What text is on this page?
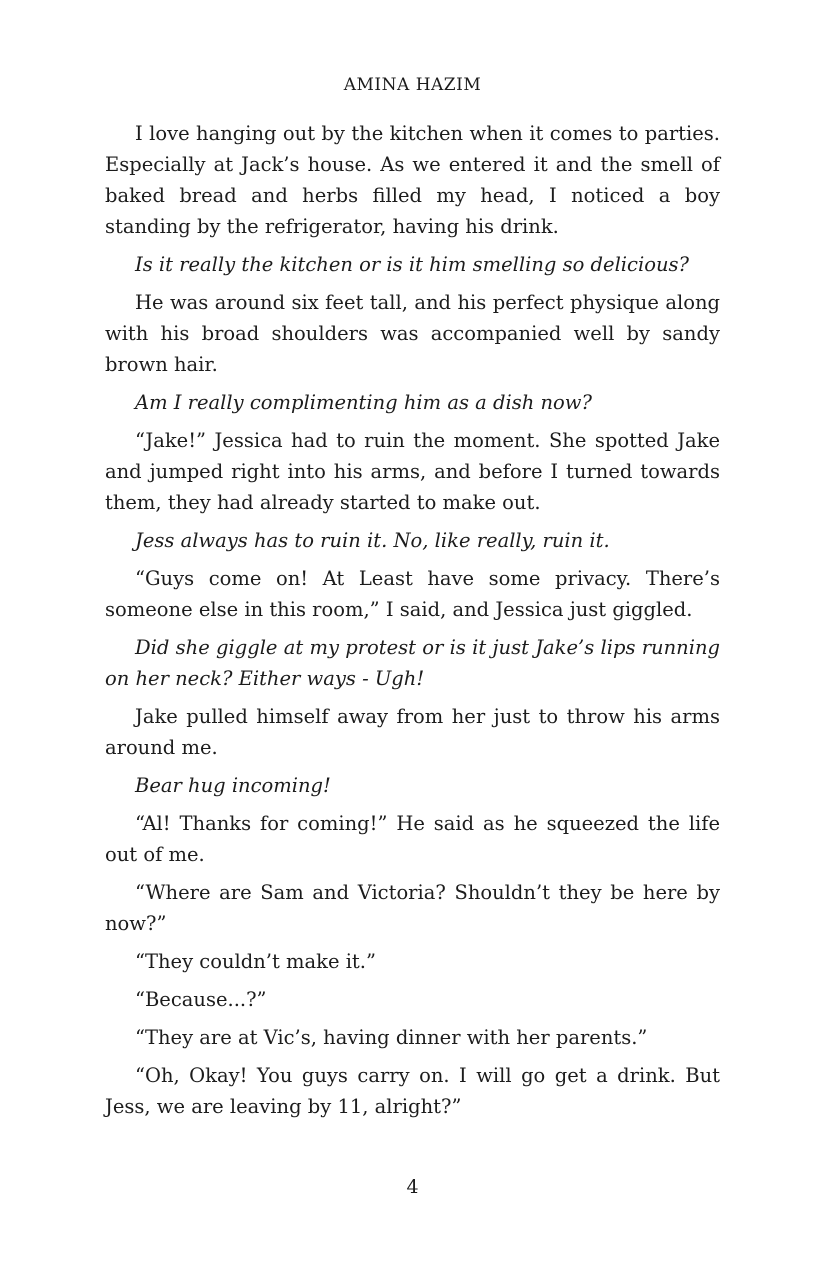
AMINA HAZIM

I love hanging out by the kitchen when it comes to parties. Especially at Jack’s house. As we entered it and the smell of baked bread and herbs filled my head, I noticed a boy standing by the refrigerator, having his drink.

Is it really the kitchen or is it him smelling so delicious?

He was around six feet tall, and his perfect physique along with his broad shoulders was accompanied well by sandy brown hair.

Am I really complimenting him as a dish now?

“Jake!” Jessica had to ruin the moment. She spotted Jake and jumped right into his arms, and before I turned towards them, they had already started to make out.

Jess always has to ruin it. No, like really, ruin it.

“Guys come on! At Least have some privacy. There’s someone else in this room,” I said, and Jessica just giggled.

Did she giggle at my protest or is it just Jake’s lips running on her neck? Either ways - Ugh!

Jake pulled himself away from her just to throw his arms around me.

Bear hug incoming!

“Al! Thanks for coming!” He said as he squeezed the life out of me.

“Where are Sam and Victoria? Shouldn’t they be here by now?”

“They couldn’t make it.”

“Because...?”

“They are at Vic’s, having dinner with her parents.”

“Oh, Okay! You guys carry on. I will go get a drink. But Jess, we are leaving by 11, alright?”

4
